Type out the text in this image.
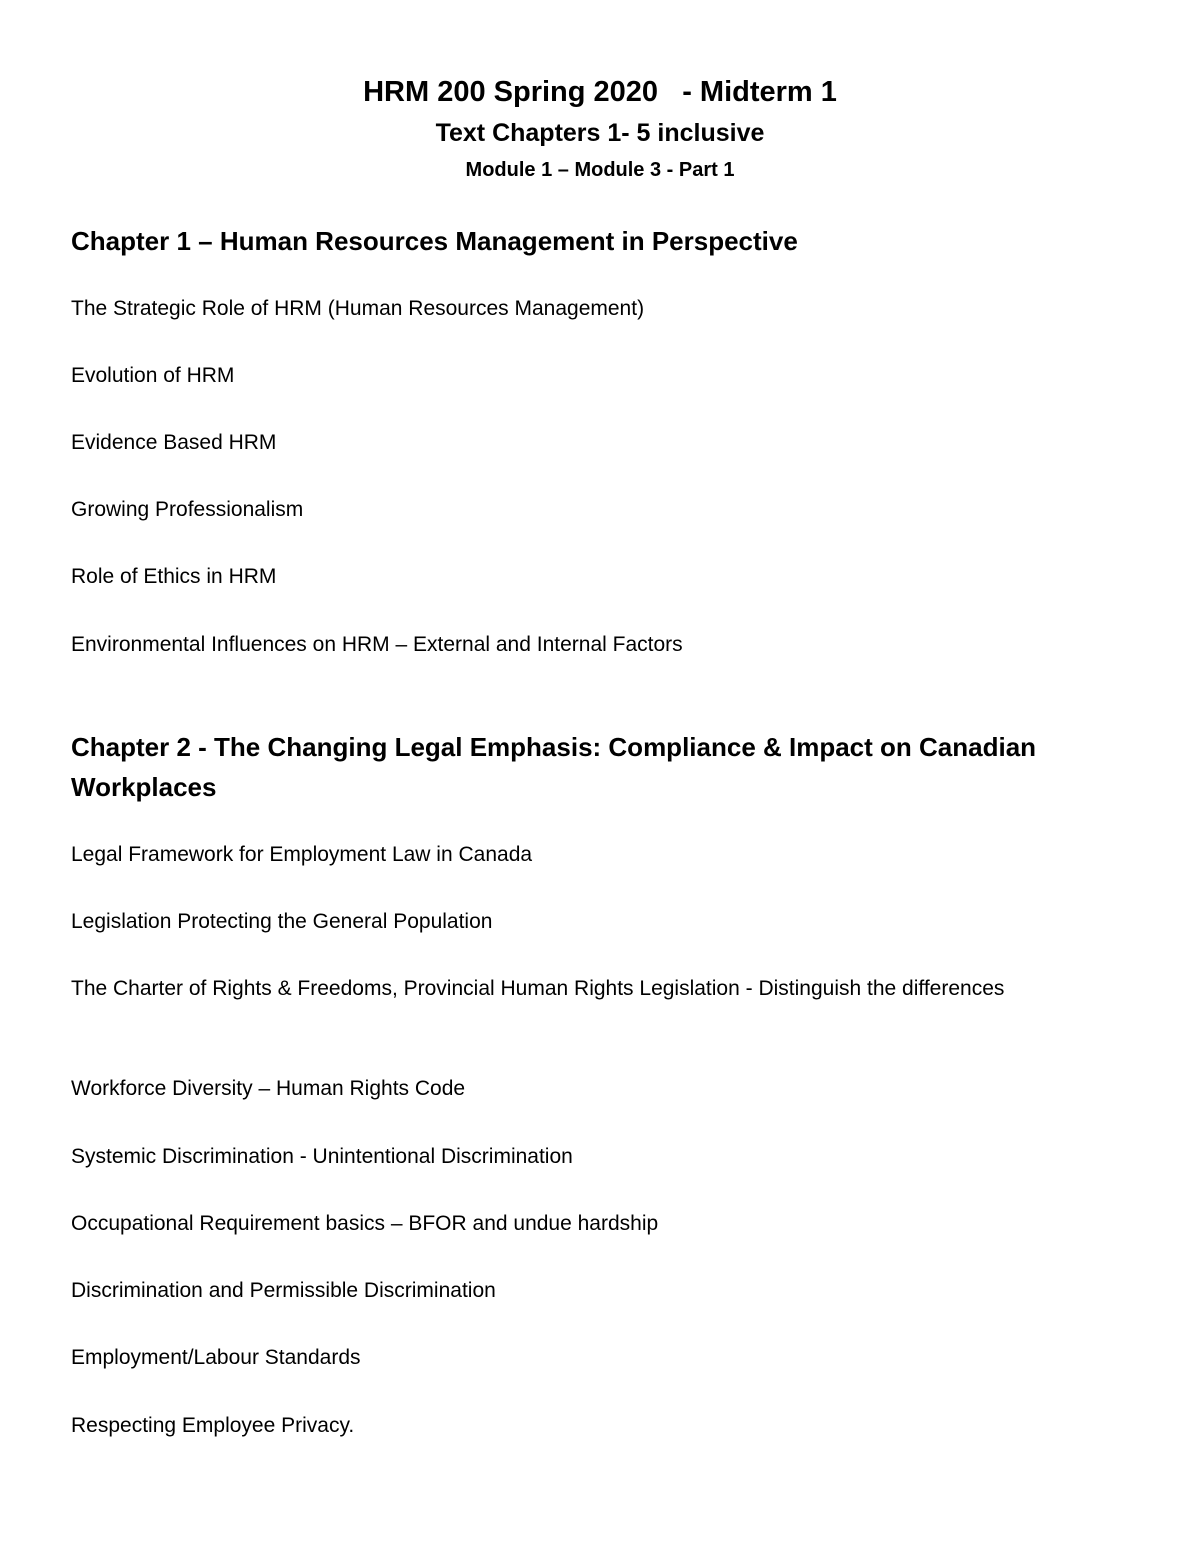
HRM 200 Spring 2020   - Midterm 1
Text Chapters 1- 5 inclusive
Module 1 – Module 3 - Part 1
Chapter 1 – Human Resources Management in Perspective

The Strategic Role of HRM (Human Resources Management)

Evolution of HRM

Evidence Based HRM

Growing Professionalism

Role of Ethics in HRM

Environmental Influences on HRM – External and Internal Factors

Chapter 2 - The Changing Legal Emphasis: Compliance & Impact on Canadian Workplaces

Legal Framework for Employment Law in Canada

Legislation Protecting the General Population

The Charter of Rights & Freedoms, Provincial Human Rights Legislation - Distinguish the differences

Workforce Diversity – Human Rights Code

Systemic Discrimination - Unintentional Discrimination

Occupational Requirement basics – BFOR and undue hardship

Discrimination and Permissible Discrimination

Employment/Labour Standards

Respecting Employee Privacy.
